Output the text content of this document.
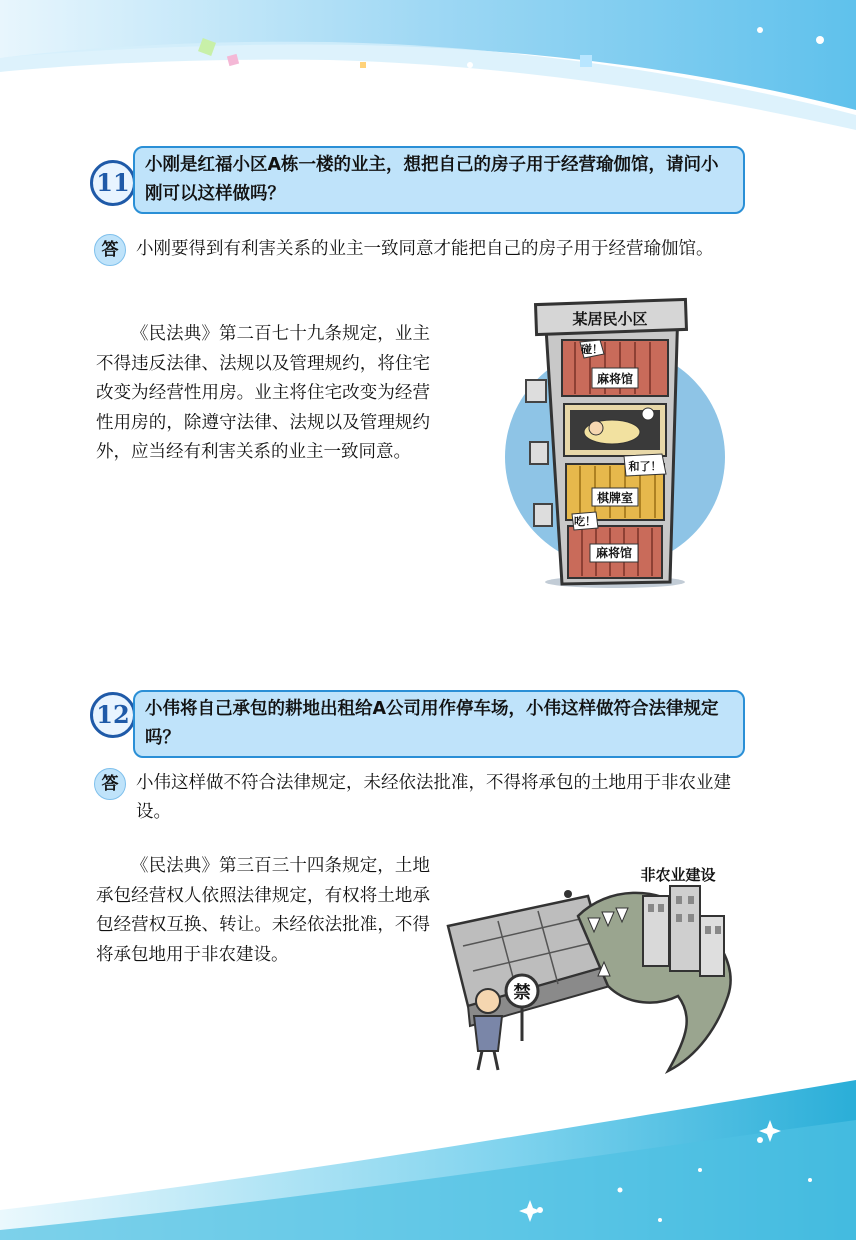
11
小刚是红福小区A栋一楼的业主，想把自己的房子用于经营瑜伽馆，请问小刚可以这样做吗？
答	小刚要得到有利害关系的业主一致同意才能把自己的房子用于经营瑜伽馆。
《民法典》第二百七十九条规定，业主不得违反法律、法规以及管理规约，将住宅改变为经营性用房。业主将住宅改变为经营性用房的，除遵守法律、法规以及管理规约外，应当经有利害关系的业主一致同意。
某居民小区
麻将馆
碰！
棋牌室
和了！
麻将馆
吃！
12 小伟将自己承包的耕地出租给A公司用作停车场，小伟这样做符合法律规定吗？
答	小伟这样做不符合法律规定，未经依法批准，不得将承包的土地用于非农业建设。
《民法典》第三百三十四条规定，土地承包经营权人依照法律规定，有权将土地承包经营权互换、转让。未经依法批准，不得将承包地用于非农建设。
非农业建设
禁
